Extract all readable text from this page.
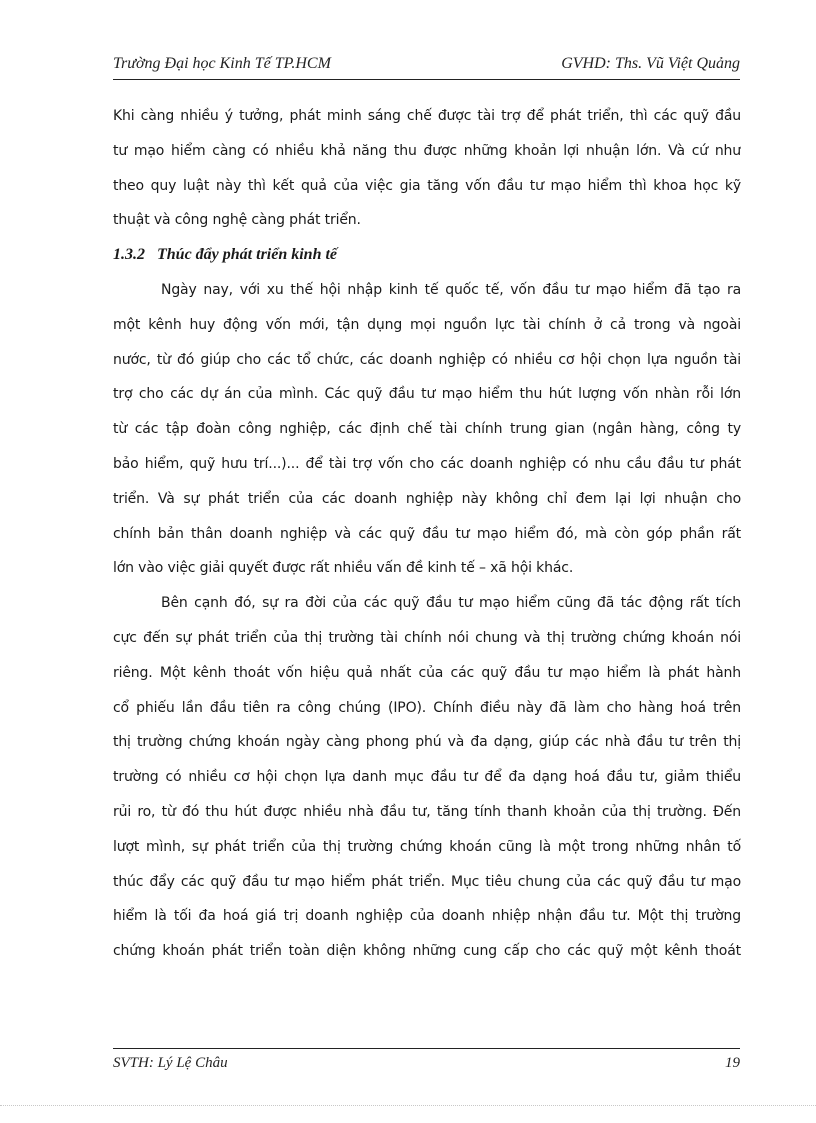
Trường Đại học Kinh Tế TP.HCM	GVHD: Ths. Vũ Việt Quảng
Khi càng nhiều ý tưởng, phát minh sáng chế được tài trợ để phát triển, thì các quỹ đầu
tư mạo hiểm càng có nhiều khả năng thu được những khoản lợi nhuận lớn. Và cứ như
theo quy luật này thì kết quả của việc gia tăng vốn đầu tư mạo hiểm thì khoa học kỹ
thuật và công nghệ càng phát triển.
1.3.2 Thúc đẩy phát triển kinh tế
Ngày nay, với xu thế hội nhập kinh tế quốc tế, vốn đầu tư mạo hiểm đã tạo ra
một kênh huy động vốn mới, tận dụng mọi nguồn lực tài chính ở cả trong và ngoài
nước, từ đó giúp cho các tổ chức, các doanh nghiệp có nhiều cơ hội chọn lựa nguồn tài
trợ cho các dự án của mình. Các quỹ đầu tư mạo hiểm thu hút lượng vốn nhàn rỗi lớn
từ các tập đoàn công nghiệp, các định chế tài chính trung gian (ngân hàng, công ty
bảo hiểm, quỹ hưu trí...)... để tài trợ vốn cho các doanh nghiệp có nhu cầu đầu tư phát
triển. Và sự phát triển của các doanh nghiệp này không chỉ đem lại lợi nhuận cho
chính bản thân doanh nghiệp và các quỹ đầu tư mạo hiểm đó, mà còn góp phần rất
lớn vào việc giải quyết được rất nhiều vấn đề kinh tế – xã hội khác.
Bên cạnh đó, sự ra đời của các quỹ đầu tư mạo hiểm cũng đã tác động rất tích
cực đến sự phát triển của thị trường tài chính nói chung và thị trường chứng khoán nói
riêng. Một kênh thoát vốn hiệu quả nhất của các quỹ đầu tư mạo hiểm là phát hành
cổ phiếu lần đầu tiên ra công chúng (IPO). Chính điều này đã làm cho hàng hoá trên
thị trường chứng khoán ngày càng phong phú và đa dạng, giúp các nhà đầu tư trên thị
trường có nhiều cơ hội chọn lựa danh mục đầu tư để đa dạng hoá đầu tư, giảm thiểu
rủi ro, từ đó thu hút được nhiều nhà đầu tư, tăng tính thanh khoản của thị trường. Đến
lượt mình, sự phát triển của thị trường chứng khoán cũng là một trong những nhân tố
thúc đẩy các quỹ đầu tư mạo hiểm phát triển. Mục tiêu chung của các quỹ đầu tư mạo
hiểm là tối đa hoá giá trị doanh nghiệp của doanh nhiệp nhận đầu tư. Một thị trường
chứng khoán phát triển toàn diện không những cung cấp cho các quỹ một kênh thoát
SVTH: Lý Lệ Châu	19
